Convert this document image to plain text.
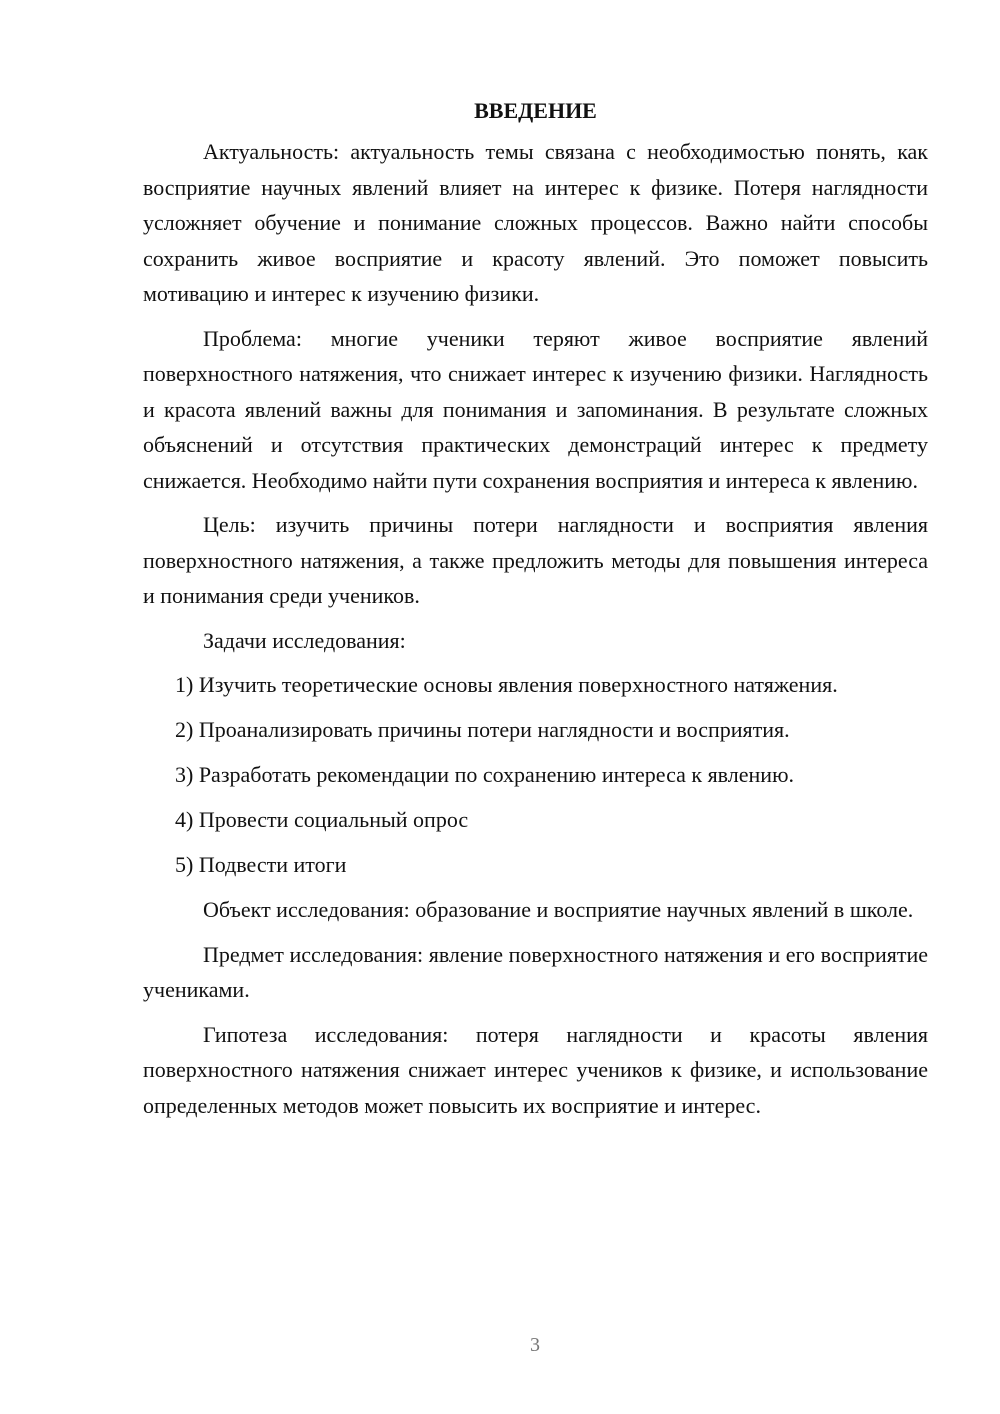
ВВЕДЕНИЕ

Актуальность: актуальность темы связана с необходимостью понять, как восприятие научных явлений влияет на интерес к физике. Потеря наглядности усложняет обучение и понимание сложных процессов. Важно найти способы сохранить живое восприятие и красоту явлений. Это поможет повысить мотивацию и интерес к изучению физики.

Проблема: многие ученики теряют живое восприятие явлений поверхностного натяжения, что снижает интерес к изучению физики. Наглядность и красота явлений важны для понимания и запоминания. В результате сложных объяснений и отсутствия практических демонстраций интерес к предмету снижается. Необходимо найти пути сохранения восприятия и интереса к явлению.

Цель: изучить причины потери наглядности и восприятия явления поверхностного натяжения, а также предложить методы для повышения интереса и понимания среди учеников.

Задачи исследования:

1) Изучить теоретические основы явления поверхностного натяжения.
2) Проанализировать причины потери наглядности и восприятия.
3) Разработать рекомендации по сохранению интереса к явлению.
4) Провести социальный опрос
5) Подвести итоги

Объект исследования: образование и восприятие научных явлений в школе.

Предмет исследования: явление поверхностного натяжения и его восприятие учениками.

Гипотеза исследования: потеря наглядности и красоты явления поверхностного натяжения снижает интерес учеников к физике, и использование определенных методов может повысить их восприятие и интерес.

3
